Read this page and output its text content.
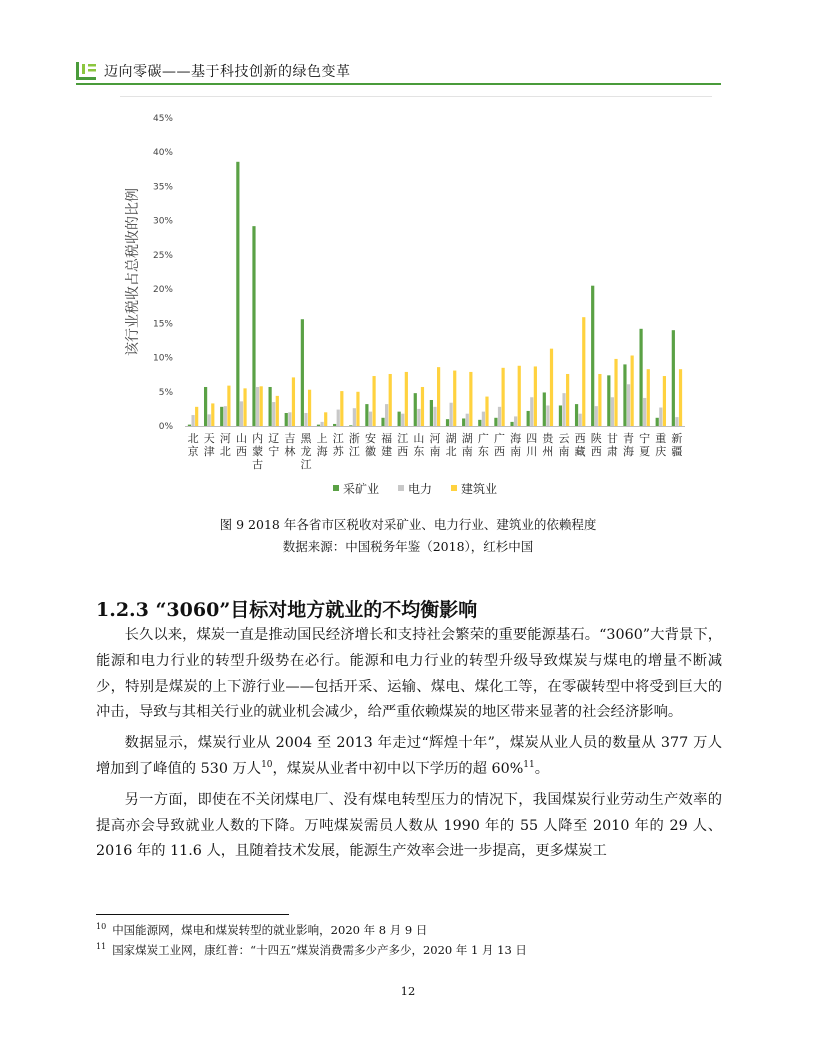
迈向零碳——基于科技创新的绿色变革
0%
5%
10%
15%
20%
25%
30%
35%
40%
45%
该行业税收占总税收的比例
北京
天津
河北
山西
内蒙古
辽宁
吉林
黑龙江
上海
江苏
浙江
安徽
福建
江西
山东
河南
湖北
湖南
广东
广西
海南
四川
贵州
云南
西藏
陕西
甘肃
青海
宁夏
重庆
新疆
采矿业 电力 建筑业
图 9 2018 年各省市区税收对采矿业、电力行业、建筑业的依赖程度
数据来源：中国税务年鉴（2018），红杉中国
1.2.3 “3060”目标对地方就业的不均衡影响

长久以来，煤炭一直是推动国民经济增长和支持社会繁荣的重要能源基石。“3060”大背景下，能源和电力行业的转型升级势在必行。能源和电力行业的转型升级导致煤炭与煤电的增量不断减少，特别是煤炭的上下游行业——包括开采、运输、煤电、煤化工等，在零碳转型中将受到巨大的冲击，导致与其相关行业的就业机会减少，给严重依赖煤炭的地区带来显著的社会经济影响。

数据显示，煤炭行业从 2004 至 2013 年走过“辉煌十年”，煤炭从业人员的数量从 377 万人增加到了峰值的 530 万人$^{10}$，煤炭从业者中初中以下学历的超 60%$^{11}$。

另一方面，即使在不关闭煤电厂、没有煤电转型压力的情况下，我国煤炭行业劳动生产效率的提高亦会导致就业人数的下降。万吨煤炭需员人数从 1990 年的 55 人降至 2010 年的 29 人、2016 年的 11.6 人，且随着技术发展，能源生产效率会进一步提高，更多煤炭工

$^{10}$ 中国能源网，煤电和煤炭转型的就业影响，2020 年 8 月 9 日
$^{11}$ 国家煤炭工业网，康红普：“十四五”煤炭消费需多少产多少，2020 年 1 月 13 日
12
